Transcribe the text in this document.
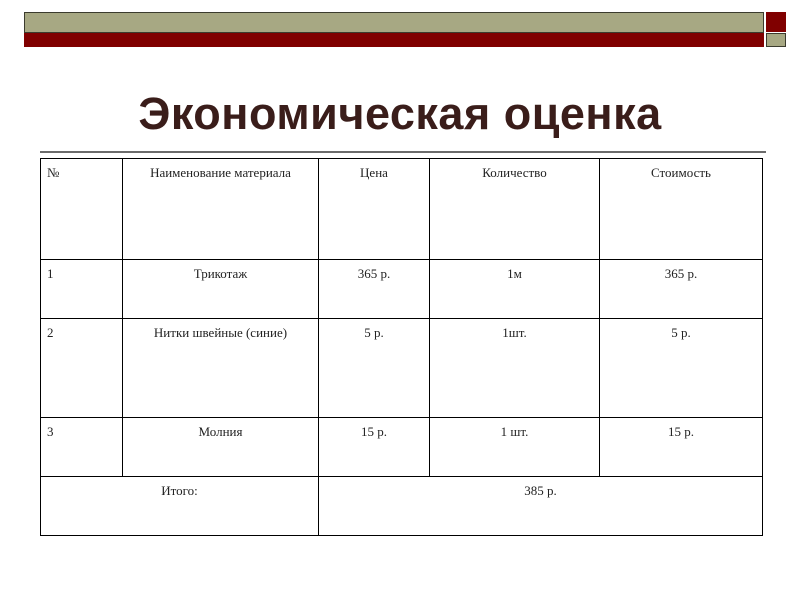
Экономическая оценка
№	Наименование материала	Цена	Количество	Стоимость
1	Трикотаж	365 р.	1м	365 р.
2	Нитки швейные (синие)	5 р.	1шт.	5 р.
3	Молния	15 р.	1 шт.	15 р.
Итого:		385 р.		
